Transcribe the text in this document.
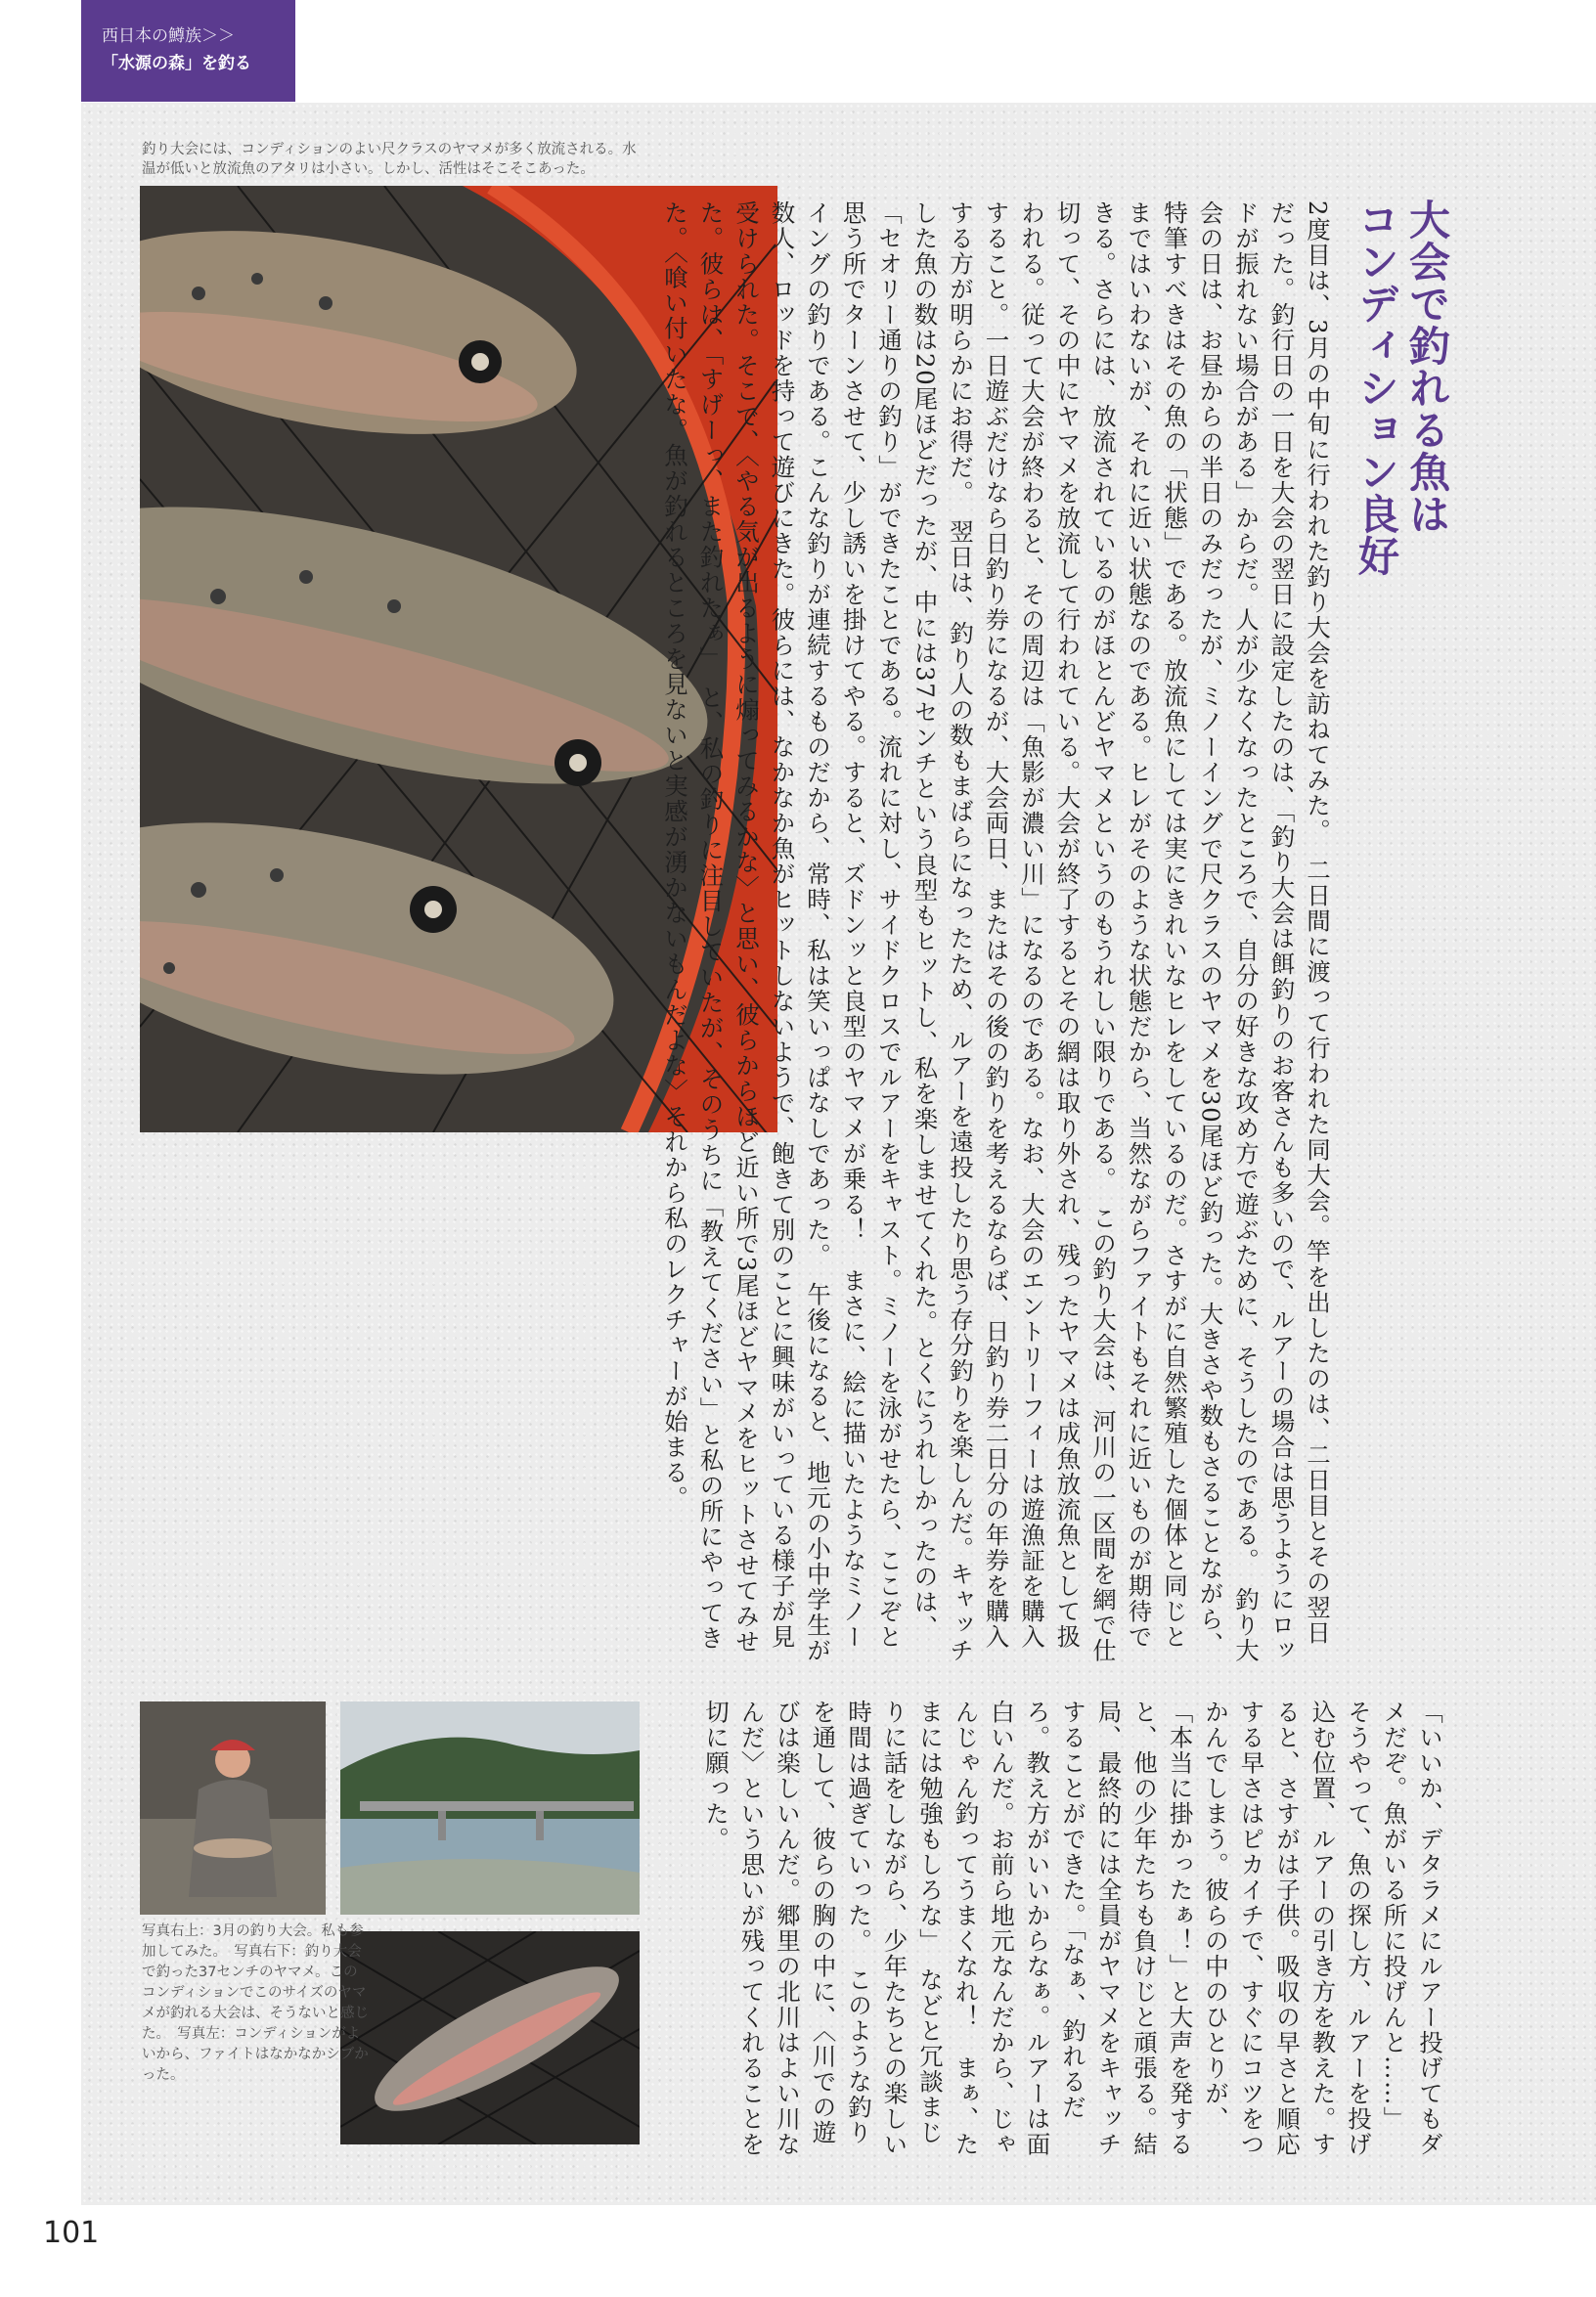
西日本の鱒族＞＞
「水源の森」を釣る
釣り大会には、コンディションのよい尺クラスのヤマメが多く放流される。水温が低いと放流魚のアタリは小さい。しかし、活性はそこそこあった。
大会で釣れる魚は
コンディション良好

2度目は、3月の中旬に行われた釣り大会を訪ねてみた。　二日間に渡って行われた同大会。竿を出したのは、二日目とその翌日だった。釣行日の一日を大会の翌日に設定したのは、「釣り大会は餌釣りのお客さんも多いので、ルアーの場合は思うようにロッドが振れない場合がある」からだ。人が少なくなったところで、自分の好きな攻め方で遊ぶために、そうしたのである。　釣り大会の日は、お昼からの半日のみだったが、ミノーイングで尺クラスのヤマメを30尾ほど釣った。大きさや数もさることながら、特筆すべきはその魚の「状態」である。放流魚にしては実にきれいなヒレをしているのだ。さすがに自然繁殖した個体と同じとまではいわないが、それに近い状態なのである。ヒレがそのような状態だから、当然ながらファイトもそれに近いものが期待できる。さらには、放流されているのがほとんどヤマメというのもうれしい限りである。　この釣り大会は、河川の一区間を網で仕切って、その中にヤマメを放流して行われている。大会が終了するとその網は取り外され、残ったヤマメは成魚放流魚として扱われる。従って大会が終わると、その周辺は「魚影が濃い川」になるのである。なお、大会のエントリーフィーは遊漁証を購入すること。一日遊ぶだけなら日釣り券になるが、大会両日、またはその後の釣りを考えるならば、日釣り券二日分の年券を購入する方が明らかにお得だ。　翌日は、釣り人の数もまばらになったため、ルアーを遠投したり思う存分釣りを楽しんだ。キャッチした魚の数は20尾ほどだったが、中には37センチという良型もヒットし、私を楽しませてくれた。とくにうれしかったのは、「セオリー通りの釣り」ができたことである。流れに対し、サイドクロスでルアーをキャスト。ミノーを泳がせたら、ここぞと思う所でターンさせて、少し誘いを掛けてやる。すると、ズドンッと良型のヤマメが乗る！　まさに、絵に描いたようなミノーイングの釣りである。こんな釣りが連続するものだから、常時、私は笑いっぱなしであった。　午後になると、地元の小中学生が数人、ロッドを持って遊びにきた。彼らには、なかなか魚がヒットしないようで、飽きて別のことに興味がいっている様子が見受けられた。そこで、〈やる気が出るように煽ってみるかな〉と思い、彼らからほど近い所で3尾ほどヤマメをヒットさせてみせた。彼らは、「すげーっ、また釣れたぁ」　と、私の釣りに注目していたが、そのうちに「教えてください」と私の所にやってきた。〈喰い付いたな。魚が釣れるところを見ないと実感が湧かないもんだよな〉それから私のレクチャーが始まる。

「いいか、デタラメにルアー投げてもダメだぞ。魚がいる所に投げんと……」　そうやって、魚の探し方、ルアーを投げ込む位置、ルアーの引き方を教えた。すると、さすがは子供。吸収の早さと順応する早さはピカイチで、すぐにコツをつかんでしまう。彼らの中のひとりが、「本当に掛かったぁ！」と大声を発すると、他の少年たちも負けじと頑張る。結局、最終的には全員がヤマメをキャッチすることができた。「なぁ、釣れるだろ。教え方がいいからなぁ。ルアーは面白いんだ。お前ら地元なんだから、じゃんじゃん釣ってうまくなれ！　まぁ、たまには勉強もしろな」　などと冗談まじりに話をしながら、少年たちとの楽しい時間は過ぎていった。　このような釣りを通して、彼らの胸の中に、〈川での遊びは楽しいんだ。郷里の北川はよい川なんだ〉という思いが残ってくれることを切に願った。

写真右上：3月の釣り大会。私も参加してみた。　写真右下：釣り大会で釣った37センチのヤマメ。このコンディションでこのサイズのヤマメが釣れる大会は、そうないと感じた。　写真左：コンディションがよいから、ファイトはなかなかシブかった。
101
